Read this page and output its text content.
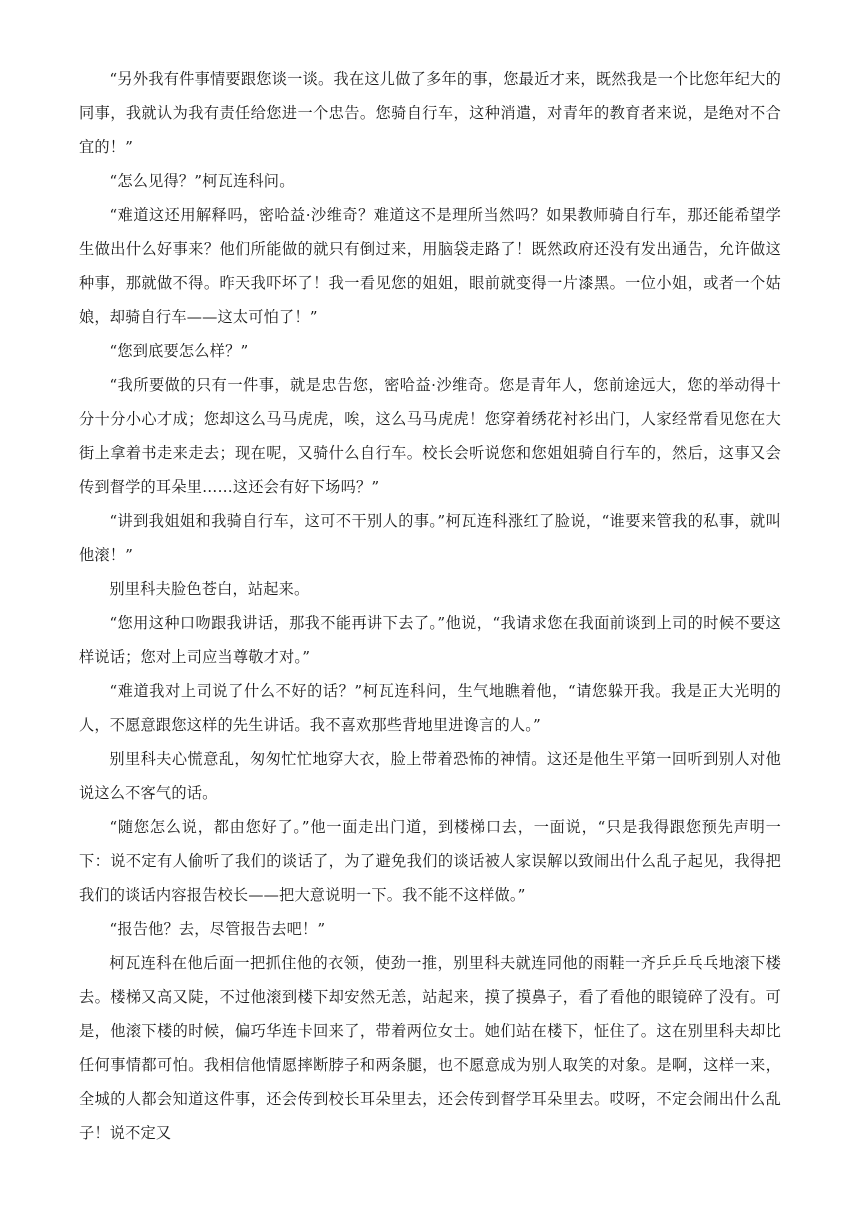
“另外我有件事情要跟您谈一谈。我在这儿做了多年的事，您最近才来，既然我是一个比您年纪大的同事，我就认为我有责任给您进一个忠告。您骑自行车，这种消遣，对青年的教育者来说，是绝对不合宜的！”

“怎么见得？”柯瓦连科问。

“难道这还用解释吗，密哈益·沙维奇？难道这不是理所当然吗？如果教师骑自行车，那还能希望学生做出什么好事来？他们所能做的就只有倒过来，用脑袋走路了！既然政府还没有发出通告，允许做这种事，那就做不得。昨天我吓坏了！我一看见您的姐姐，眼前就变得一片漆黑。一位小姐，或者一个姑娘，却骑自行车——这太可怕了！”

“您到底要怎么样？”

“我所要做的只有一件事，就是忠告您，密哈益·沙维奇。您是青年人，您前途远大，您的举动得十分十分小心才成；您却这么马马虎虎，唉，这么马马虎虎！您穿着绣花衬衫出门，人家经常看见您在大街上拿着书走来走去；现在呢，又骑什么自行车。校长会听说您和您姐姐骑自行车的，然后，这事又会传到督学的耳朵里……这还会有好下场吗？”

“讲到我姐姐和我骑自行车，这可不干别人的事。”柯瓦连科涨红了脸说，“谁要来管我的私事，就叫他滚！”

别里科夫脸色苍白，站起来。

“您用这种口吻跟我讲话，那我不能再讲下去了。”他说，“我请求您在我面前谈到上司的时候不要这样说话；您对上司应当尊敬才对。”

“难道我对上司说了什么不好的话？”柯瓦连科问，生气地瞧着他，“请您躲开我。我是正大光明的人，不愿意跟您这样的先生讲话。我不喜欢那些背地里进谗言的人。”

别里科夫心慌意乱，匆匆忙忙地穿大衣，脸上带着恐怖的神情。这还是他生平第一回听到别人对他说这么不客气的话。

“随您怎么说，都由您好了。”他一面走出门道，到楼梯口去，一面说，“只是我得跟您预先声明一下：说不定有人偷听了我们的谈话了，为了避免我们的谈话被人家误解以致闹出什么乱子起见，我得把我们的谈话内容报告校长——把大意说明一下。我不能不这样做。”

“报告他？去，尽管报告去吧！”

柯瓦连科在他后面一把抓住他的衣领，使劲一推，别里科夫就连同他的雨鞋一齐乒乒乓乓地滚下楼去。楼梯又高又陡，不过他滚到楼下却安然无恙，站起来，摸了摸鼻子，看了看他的眼镜碎了没有。可是，他滚下楼的时候，偏巧华连卡回来了，带着两位女士。她们站在楼下，怔住了。这在别里科夫却比任何事情都可怕。我相信他情愿摔断脖子和两条腿，也不愿意成为别人取笑的对象。是啊，这样一来，全城的人都会知道这件事，还会传到校长耳朵里去，还会传到督学耳朵里去。哎呀，不定会闹出什么乱子！说不定又
